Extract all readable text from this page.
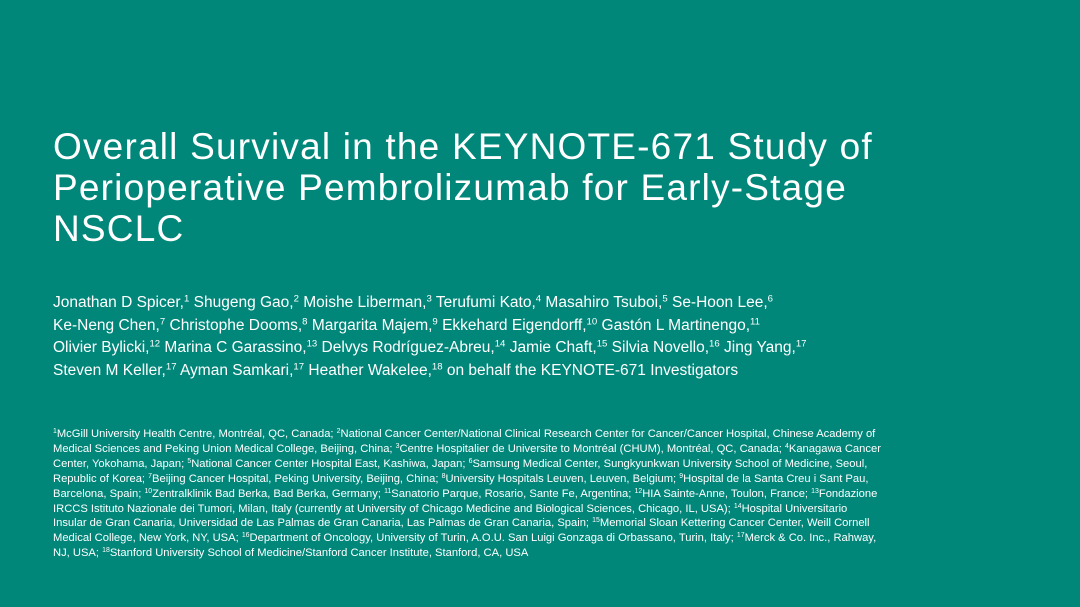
Overall Survival in the KEYNOTE-671 Study of
Perioperative Pembrolizumab for Early-Stage
NSCLC
Jonathan D Spicer,$^1$ Shugeng Gao,$^2$ Moishe Liberman,$^3$ Terufumi Kato,$^4$ Masahiro Tsuboi,$^5$ Se-Hoon Lee,$^6$
Ke-Neng Chen,$^7$ Christophe Dooms,$^8$ Margarita Majem,$^9$ Ekkehard Eigendorff,$^{10}$ Gastón L Martinengo,$^{11}$
Olivier Bylicki,$^{12}$ Marina C Garassino,$^{13}$ Delvys Rodríguez-Abreu,$^{14}$ Jamie Chaft,$^{15}$ Silvia Novello,$^{16}$ Jing Yang,$^{17}$
Steven M Keller,$^{17}$ Ayman Samkari,$^{17}$ Heather Wakelee,$^{18}$ on behalf the KEYNOTE-671 Investigators
$^1$McGill University Health Centre, Montréal, QC, Canada; $^2$National Cancer Center/National Clinical Research Center for Cancer/Cancer Hospital, Chinese Academy of
Medical Sciences and Peking Union Medical College, Beijing, China; $^3$Centre Hospitalier de Universite to Montréal (CHUM), Montréal, QC, Canada; $^4$Kanagawa Cancer
Center, Yokohama, Japan; $^5$National Cancer Center Hospital East, Kashiwa, Japan; $^6$Samsung Medical Center, Sungkyunkwan University School of Medicine, Seoul,
Republic of Korea; $^7$Beijing Cancer Hospital, Peking University, Beijing, China; $^8$University Hospitals Leuven, Leuven, Belgium; $^9$Hospital de la Santa Creu i Sant Pau,
Barcelona, Spain; $^{10}$Zentralklinik Bad Berka, Bad Berka, Germany; $^{11}$Sanatorio Parque, Rosario, Sante Fe, Argentina; $^{12}$HIA Sainte-Anne, Toulon, France; $^{13}$Fondazione
IRCCS Istituto Nazionale dei Tumori, Milan, Italy (currently at University of Chicago Medicine and Biological Sciences, Chicago, IL, USA); $^{14}$Hospital Universitario
Insular de Gran Canaria, Universidad de Las Palmas de Gran Canaria, Las Palmas de Gran Canaria, Spain; $^{15}$Memorial Sloan Kettering Cancer Center, Weill Cornell
Medical College, New York, NY, USA; $^{16}$Department of Oncology, University of Turin, A.O.U. San Luigi Gonzaga di Orbassano, Turin, Italy; $^{17}$Merck & Co. Inc., Rahway,
NJ, USA; $^{18}$Stanford University School of Medicine/Stanford Cancer Institute, Stanford, CA, USA
